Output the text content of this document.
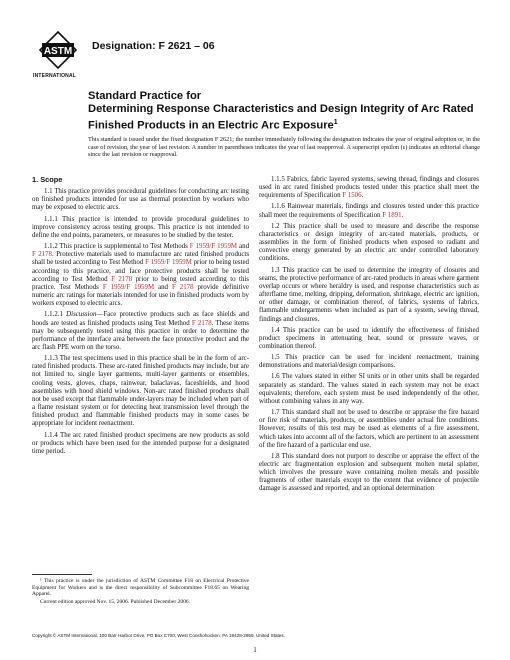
ASTM
INTERNATIONAL
Designation: F 2621 – 06
Standard Practice for
Determining Response Characteristics and Design Integrity of Arc Rated Finished Products in an Electric Arc Exposure$^1$
This standard is issued under the fixed designation F 2621; the number immediately following the designation indicates the year of original adoption or, in the case of revision, the year of last revision. A number in parentheses indicates the year of last reapproval. A superscript epsilon (ε) indicates an editorial change since the last revision or reapproval.
1. Scope

1.1 This practice provides procedural guidelines for conducting arc testing on finished products intended for use as thermal protection by workers who may be exposed to electric arcs.

1.1.1 This practice is intended to provide procedural guidelines to improve consistency across testing groups. This practice is not intended to define the end points, parameters, or measures to be studied by the tester.

1.1.2 This practice is supplemental to Test Methods F 1959/F 1959M and F 2178. Protective materials used to manufacture arc rated finished products shall be tested according to Test Method F 1959/F 1959M prior to being tested according to this practice, and face protective products shall be tested according to Test Method F 2178 prior to being tested according to this practice. Test Methods F 1959/F 1959M and F 2178 provide definitive numeric arc ratings for materials intended for use in finished products worn by workers exposed to electric arcs.

1.1.2.1 Discussion—Face protective products such as face shields and hoods are tested as finished products using Test Method F 2178. These items may be subsequently tested using this practice in order to determine the performance of the interface area between the face protective product and the arc flash PPE worn on the torso.

1.1.3 The test specimens used in this practice shall be in the form of arc-rated finished products. These arc-rated finished products may include, but are not limited to, single layer garments, multi-layer garments or ensembles, cooling vests, gloves, chaps, rainwear, balaclavas, faceshields, and hood assemblies with hood shield windows. Non-arc rated finished products shall not be used except that flammable under-layers may be included when part of a flame resistant system or for detecting heat transmission level through the finished product and flammable finished products may in some cases be appropriate for incident reenactment.

1.1.4 The arc rated finished product specimens are new products as sold or products which have been used for the intended purpose for a designated time period.

1.1.5 Fabrics, fabric layered systems, sewing thread, findings and closures used in arc rated finished products tested under this practice shall meet the requirements of Specification F 1506.

1.1.6 Rainwear materials, findings and closures tested under this practice shall meet the requirements of Specification F 1891.

1.2 This practice shall be used to measure and describe the response characteristics or design integrity of arc-rated materials, products, or assemblies in the form of finished products when exposed to radiant and convective energy generated by an electric arc under controlled laboratory conditions.

1.3 This practice can be used to determine the integrity of closures and seams, the protective performance of arc-rated products in areas where garment overlap occurs or where heraldry is used, and response characteristics such as afterflame time, melting, dripping, deformation, shrinkage, electric arc ignition, or other damage, or combination thereof, of fabrics, systems of fabrics, flammable undergarments when included as part of a system, sewing thread, findings and closures.

1.4 This practice can be used to identify the effectiveness of finished product specimens in attenuating heat, sound or pressure waves, or combination thereof.

1.5 This practice can be used for incident reenactment, training demonstrations and material/design comparisons.

1.6 The values stated in either SI units or in other units shall be regarded separately as standard. The values stated in each system may not be exact equivalents; therefore, each system must be used independently of the other, without combining values in any way.

1.7 This standard shall not be used to describe or appraise the fire hazard or fire risk of materials, products, or assemblies under actual fire conditions. However, results of this test may be used as elements of a fire assessment, which takes into account all of the factors, which are pertinent to an assessment of the fire hazard of a particular end use.

1.8 This standard does not purport to describe or appraise the effect of the electric arc fragmentation explosion and subsequent molten metal splatter, which involves the pressure wave containing molten metals and possible fragments of other materials except to the extent that evidence of projectile damage is assessed and reported, and an optional determination

¹ This practice is under the jurisdiction of ASTM Committee F18 on Electrical Protective Equipment for Workers and is the direct responsibility of Subcommittee F18.65 on Wearing Apparel.

Current edition approved Nov. 15, 2006. Published December 2006.

Copyright © ASTM International, 100 Barr Harbor Drive, PO Box C700, West Conshohocken, PA 19428-2959, United States.
1
